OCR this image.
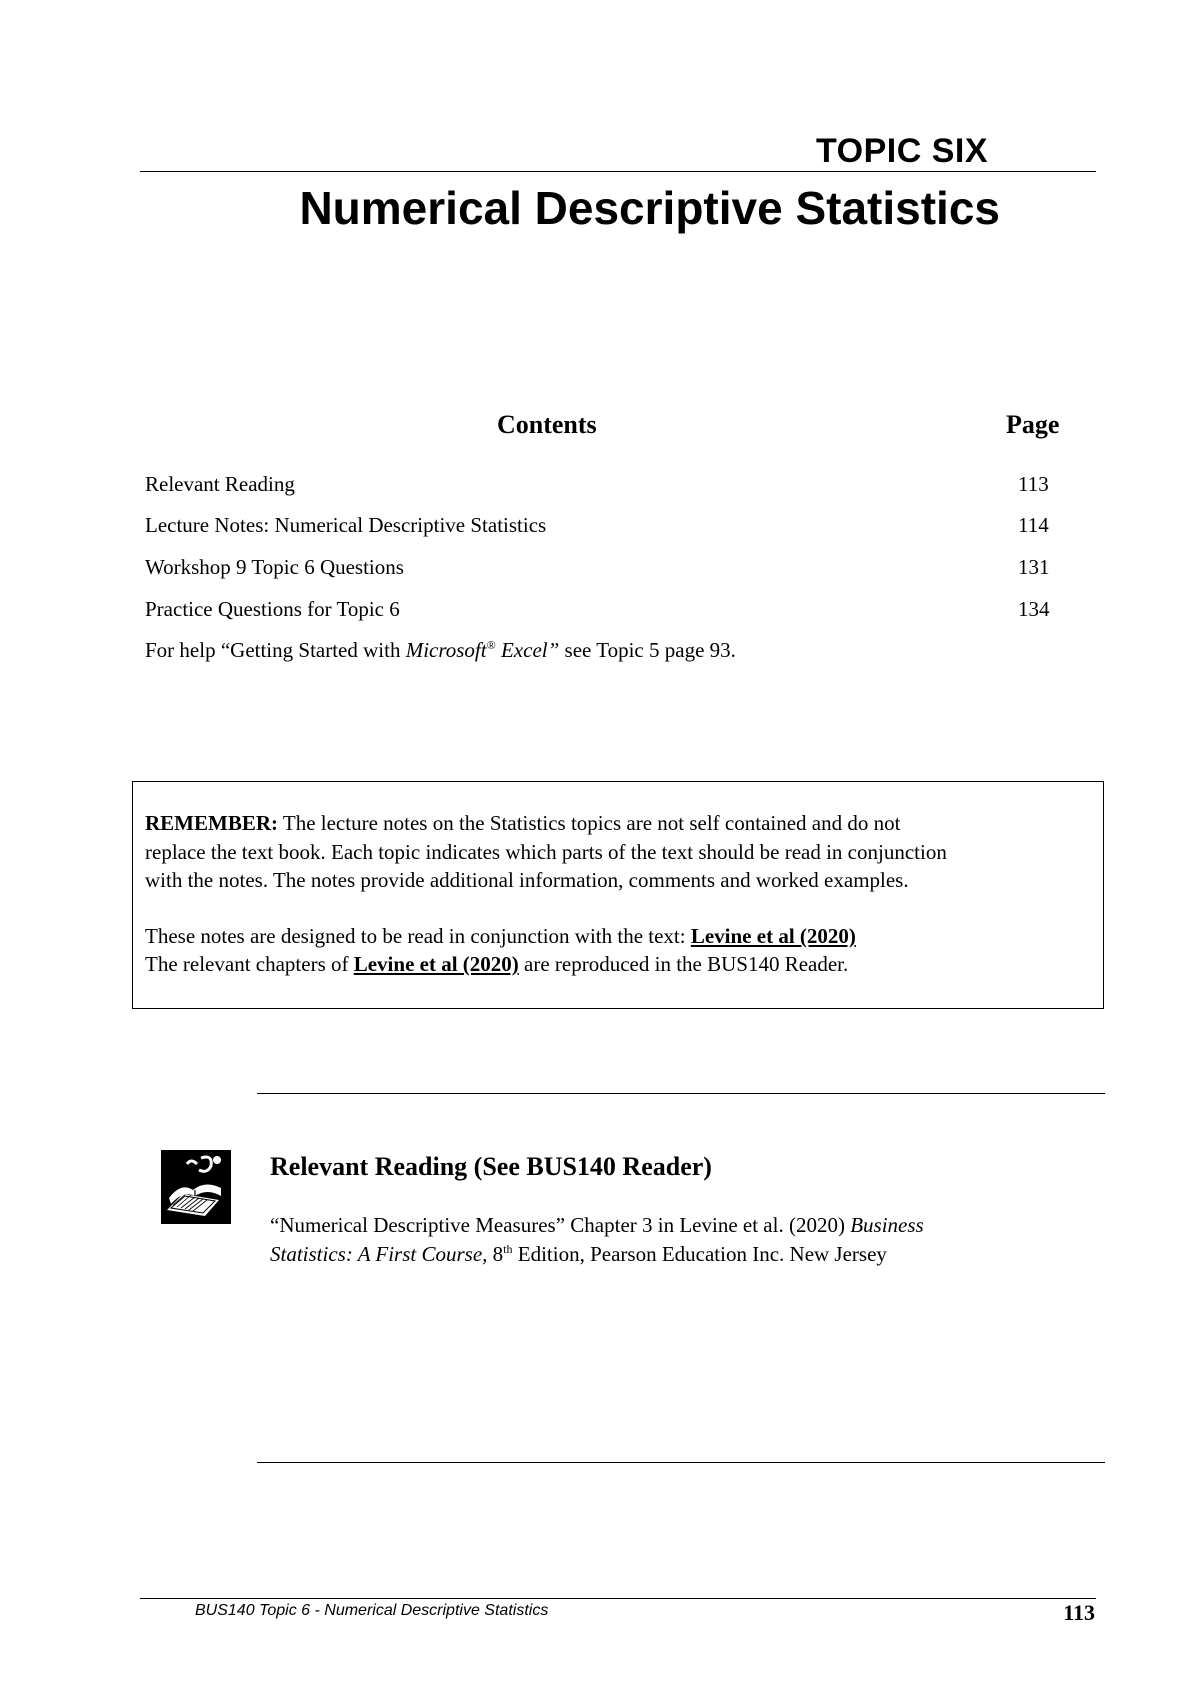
TOPIC SIX
Numerical Descriptive Statistics
Contents	Page
Relevant Reading	113
Lecture Notes: Numerical Descriptive Statistics	114
Workshop 9 Topic 6 Questions	131
Practice Questions for Topic 6	134
For help “Getting Started with Microsoft® Excel” see Topic 5 page 93.
REMEMBER: The lecture notes on the Statistics topics are not self contained and do not
replace the text book. Each topic indicates which parts of the text should be read in conjunction
with the notes. The notes provide additional information, comments and worked examples.
These notes are designed to be read in conjunction with the text: Levine et al (2020)
The relevant chapters of Levine et al (2020) are reproduced in the BUS140 Reader.
Relevant Reading (See BUS140 Reader)
“Numerical Descriptive Measures” Chapter 3 in Levine et al. (2020) Business
Statistics: A First Course, 8th Edition, Pearson Education Inc. New Jersey
BUS140 Topic 6 - Numerical Descriptive Statistics	113
